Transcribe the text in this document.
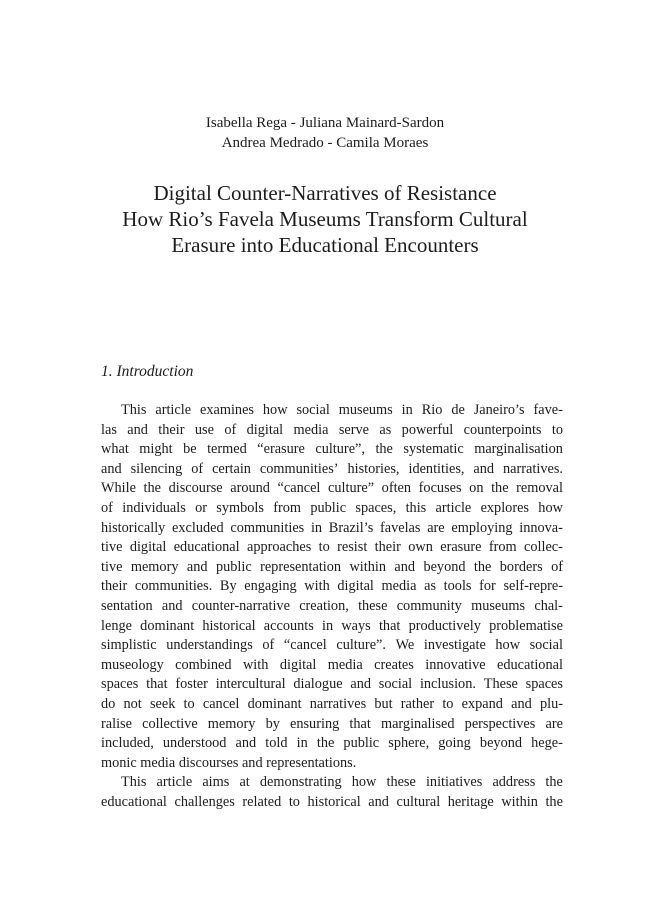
Isabella Rega - Juliana Mainard-Sardon
Andrea Medrado - Camila Moraes
Digital Counter-Narratives of Resistance
How Rio’s Favela Museums Transform Cultural
Erasure into Educational Encounters
1. Introduction
This article examines how social museums in Rio de Janeiro’s fave-
las and their use of digital media serve as powerful counterpoints to
what might be termed “erasure culture”, the systematic marginalisation
and silencing of certain communities’ histories, identities, and narratives.
While the discourse around “cancel culture” often focuses on the removal
of individuals or symbols from public spaces, this article explores how
historically excluded communities in Brazil’s favelas are employing innova-
tive digital educational approaches to resist their own erasure from collec-
tive memory and public representation within and beyond the borders of
their communities. By engaging with digital media as tools for self-repre-
sentation and counter-narrative creation, these community museums chal-
lenge dominant historical accounts in ways that productively problematise
simplistic understandings of “cancel culture”. We investigate how social
museology combined with digital media creates innovative educational
spaces that foster intercultural dialogue and social inclusion. These spaces
do not seek to cancel dominant narratives but rather to expand and plu-
ralise collective memory by ensuring that marginalised perspectives are
included, understood and told in the public sphere, going beyond hege-
monic media discourses and representations.
This article aims at demonstrating how these initiatives address the
educational challenges related to historical and cultural heritage within the
